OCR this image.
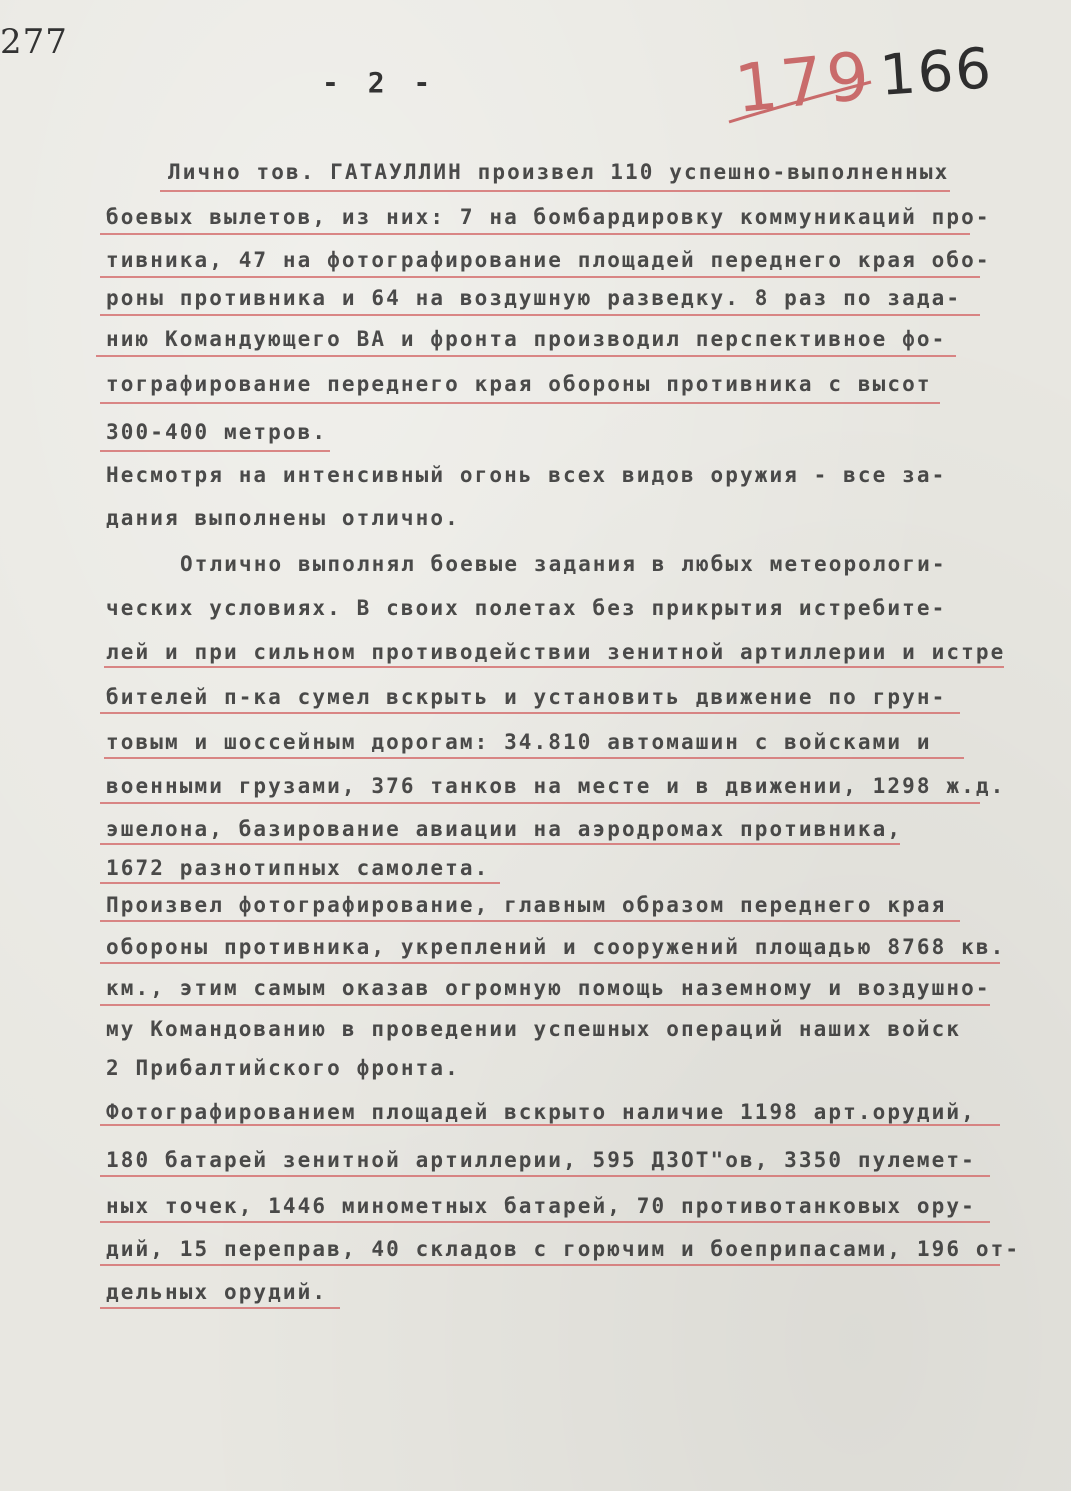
277
- 2 -	179 166
Лично тов. ГАТАУЛЛИН произвел 110 успешно-выполненных
боевых вылетов, из них: 7 на бомбардировку коммуникаций про-
тивника, 47 на фотографирование площадей переднего края обо-
роны противника и 64 на воздушную разведку. 8 раз по зада-
нию Командующего ВА и фронта производил перспективное фо-
тографирование переднего края обороны противника с высот
300-400 метров.
Несмотря на интенсивный огонь всех видов оружия - все за-
дания выполнены отлично.
Отлично выполнял боевые задания в любых метеорологи-
ческих условиях. В своих полетах без прикрытия истребите-
лей и при сильном противодействии зенитной артиллерии и истре
бителей п-ка сумел вскрыть и установить движение по грун-
товым и шоссейным дорогам: 34.810 автомашин с войсками и
военными грузами, 376 танков на месте и в движении, 1298 ж.д.
эшелона, базирование авиации на аэродромах противника,
1672 разнотипных самолета.
Произвел фотографирование, главным образом переднего края
обороны противника, укреплений и сооружений площадью 8768 кв.
км., этим самым оказав огромную помощь наземному и воздушно-
му Командованию в проведении успешных операций наших войск
2 Прибалтийского фронта.
Фотографированием площадей вскрыто наличие 1198 арт.орудий,
180 батарей зенитной артиллерии, 595 ДЗОТ"ов, 3350 пулемет-
ных точек, 1446 минометных батарей, 70 противотанковых ору-
дий, 15 переправ, 40 складов с горючим и боеприпасами, 196 от-
дельных орудий.
